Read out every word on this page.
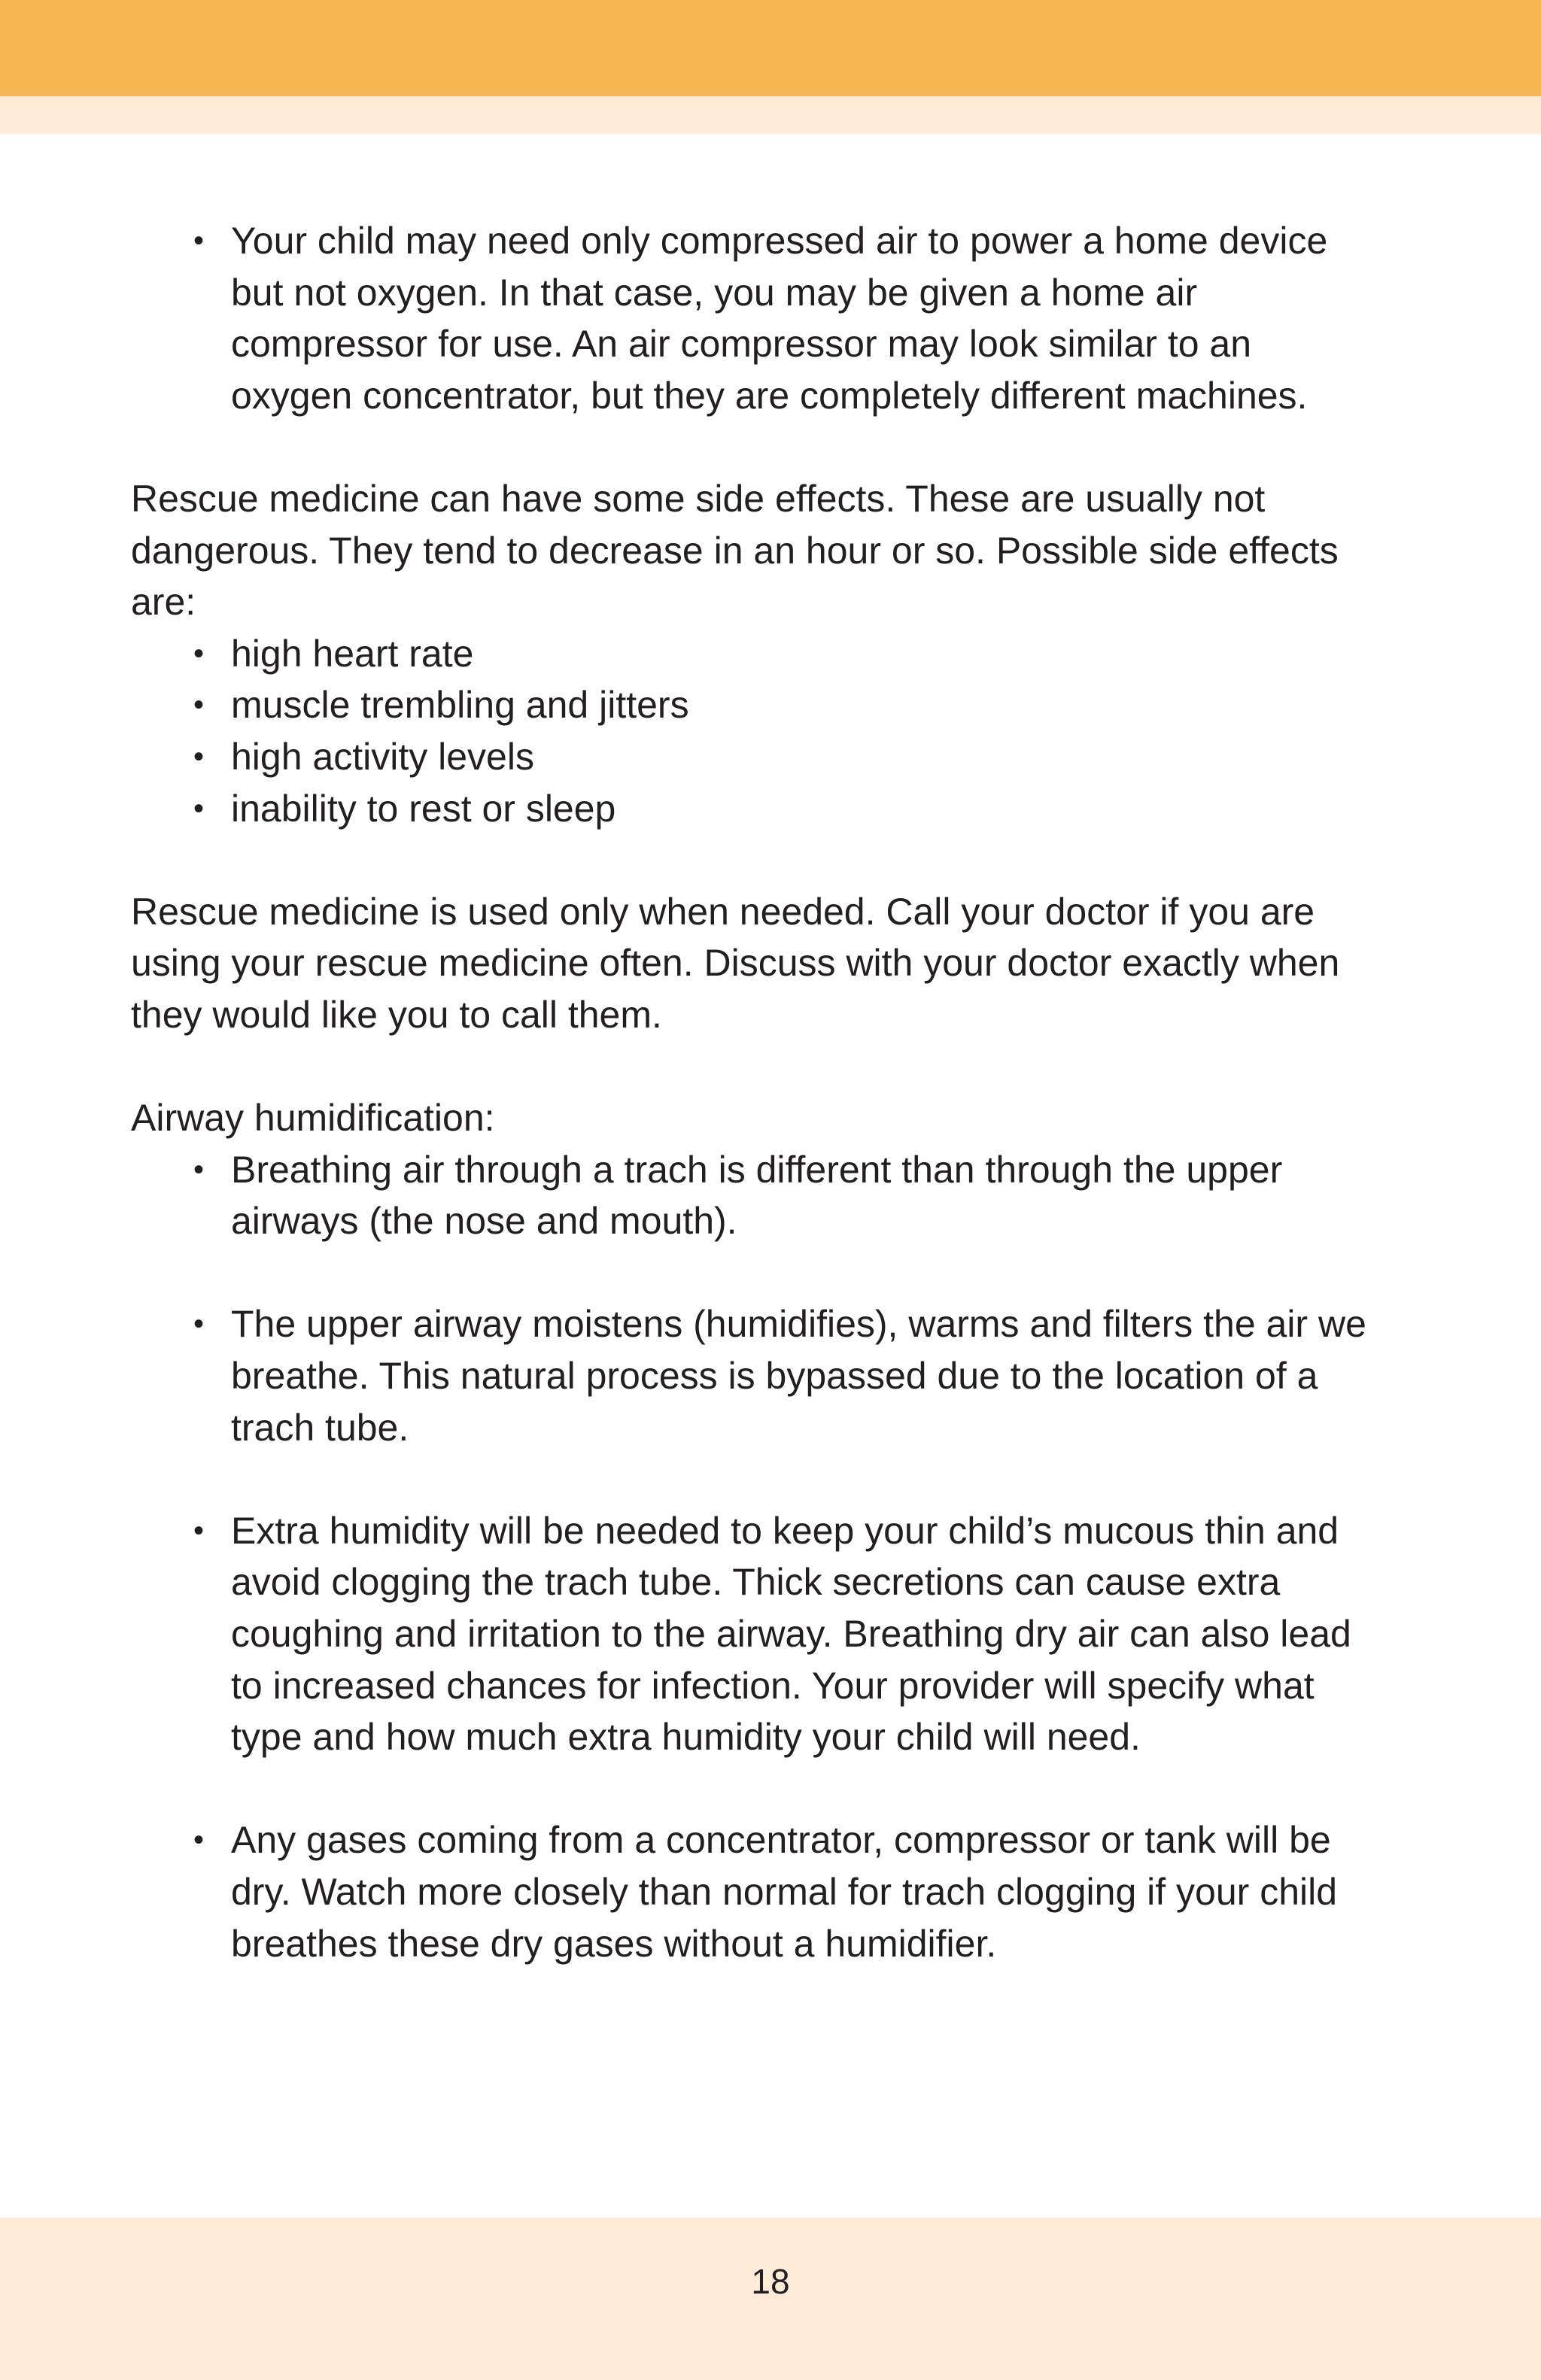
• Your child may need only compressed air to power a home device but not oxygen. In that case, you may be given a home air compressor for use. An air compressor may look similar to an oxygen concentrator, but they are completely different machines.

Rescue medicine can have some side effects. These are usually not dangerous. They tend to decrease in an hour or so. Possible side effects are:

• high heart rate
• muscle trembling and jitters
• high activity levels
• inability to rest or sleep

Rescue medicine is used only when needed. Call your doctor if you are using your rescue medicine often. Discuss with your doctor exactly when they would like you to call them.

Airway humidification:

• Breathing air through a trach is different than through the upper airways (the nose and mouth).
• The upper airway moistens (humidifies), warms and filters the air we breathe. This natural process is bypassed due to the location of a trach tube.
• Extra humidity will be needed to keep your child’s mucous thin and avoid clogging the trach tube. Thick secretions can cause extra coughing and irritation to the airway. Breathing dry air can also lead to increased chances for infection. Your provider will specify what type and how much extra humidity your child will need.
• Any gases coming from a concentrator, compressor or tank will be dry. Watch more closely than normal for trach clogging if your child breathes these dry gases without a humidifier.
18
